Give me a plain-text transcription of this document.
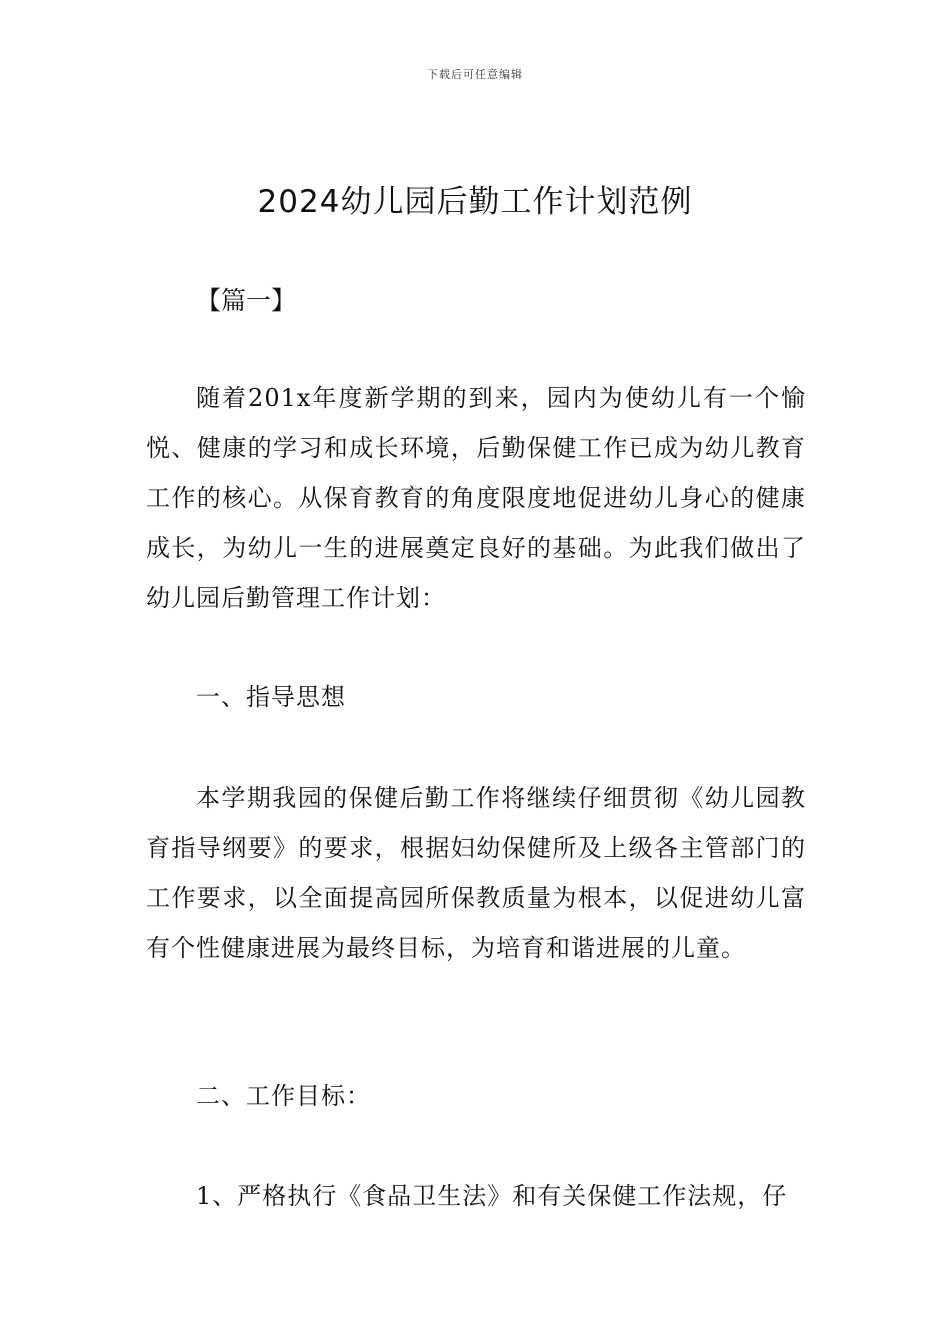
下载后可任意编辑
2024幼儿园后勤工作计划范例
【篇一】

随着201x年度新学期的到来，园内为使幼儿有一个愉悦、健康的学习和成长环境，后勤保健工作已成为幼儿教育工作的核心。从保育教育的角度限度地促进幼儿身心的健康成长，为幼儿一生的进展奠定良好的基础。为此我们做出了幼儿园后勤管理工作计划：

一、指导思想

本学期我园的保健后勤工作将继续仔细贯彻《幼儿园教育指导纲要》的要求，根据妇幼保健所及上级各主管部门的工作要求，以全面提高园所保教质量为根本，以促进幼儿富有个性健康进展为最终目标，为培育和谐进展的儿童。

二、工作目标：

1、严格执行《食品卫生法》和有关保健工作法规，仔
